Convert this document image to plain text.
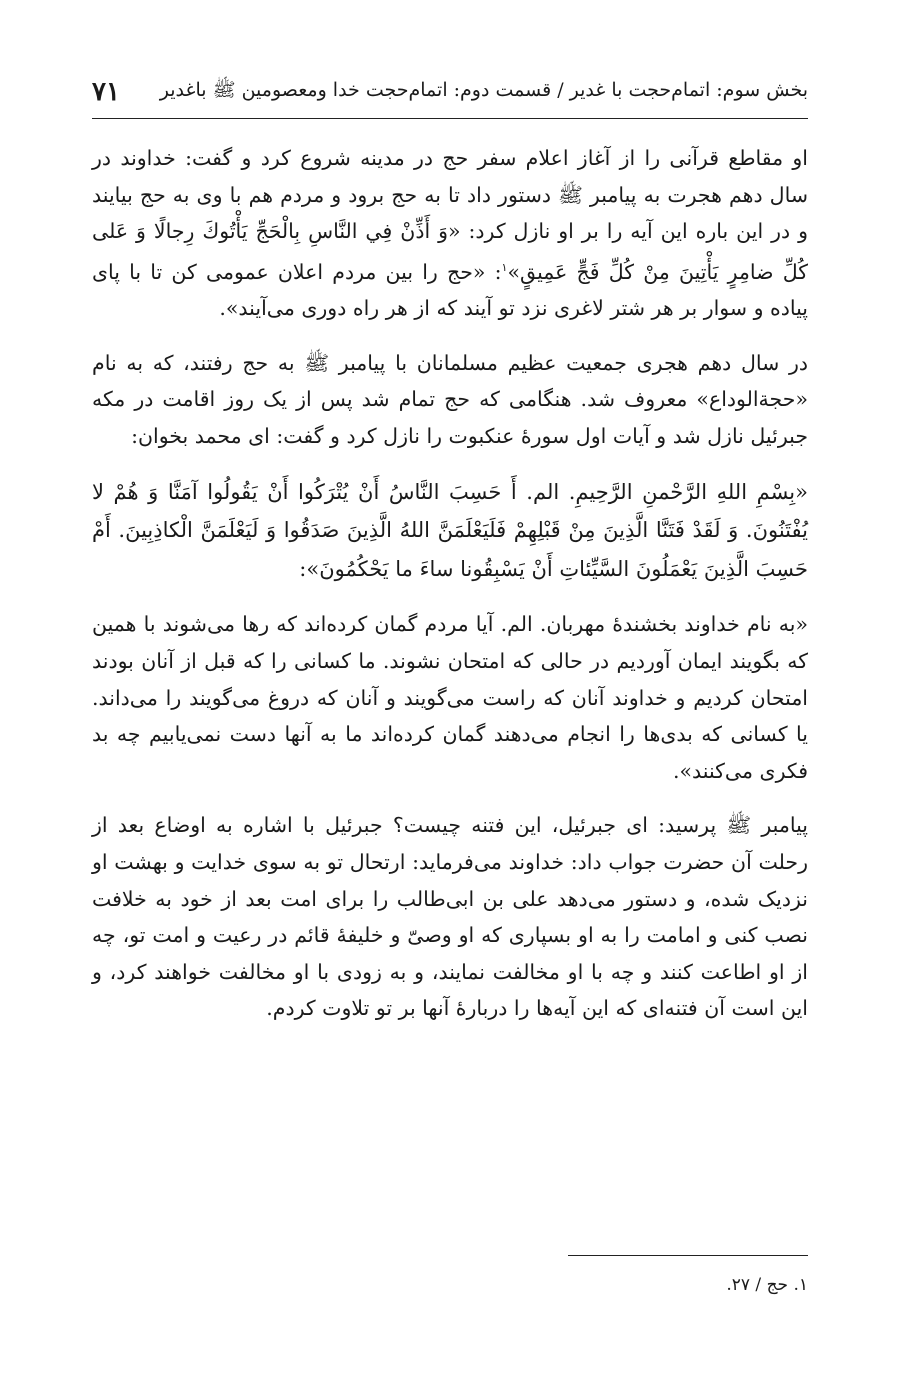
بخش سوم: اتمام‌حجت با غدیر / قسمت دوم: اتمام‌حجت خدا ومعصومین ﷺ باغدیر
۷۱

او مقاطع قرآنی را از آغاز اعلام سفر حج در مدینه شروع کرد و گفت: خداوند در سال دهم هجرت به پیامبر ﷺ دستور داد تا به حج برود و مردم هم با وی به حج بیایند و در این باره این آیه را بر او نازل کرد: «وَ أَذِّنْ فِي النَّاسِ بِالْحَجِّ يَأْتُوكَ رِجالًا وَ عَلى كُلِّ ضامِرٍ يَأْتِينَ مِنْ كُلِّ فَجٍّ عَمِيقٍ»$^۱$: «حج را بین مردم اعلان عمومی کن تا با پای پیاده و سوار بر هر شتر لاغری نزد تو آیند که از هر راه دوری می‌آیند».

در سال دهم هجری جمعیت عظیم مسلمانان با پیامبر ﷺ به حج رفتند، که به نام «حجة‌الوداع» معروف شد. هنگامی که حج تمام شد پس از یک روز اقامت در مکه جبرئیل نازل شد و آیات اول سورهٔ عنکبوت را نازل کرد و گفت: ای محمد بخوان:

«بِسْمِ اللهِ الرَّحْمنِ الرَّحِيمِ. الم. أَ حَسِبَ النَّاسُ أَنْ يُتْرَكُوا أَنْ يَقُولُوا آمَنَّا وَ هُمْ لا يُفْتَنُونَ. وَ لَقَدْ فَتَنَّا الَّذِينَ مِنْ قَبْلِهِمْ فَلَيَعْلَمَنَّ اللهُ الَّذِينَ صَدَقُوا وَ لَيَعْلَمَنَّ الْكاذِبِينَ. أَمْ حَسِبَ الَّذِينَ يَعْمَلُونَ السَّيِّئاتِ أَنْ يَسْبِقُونا ساءَ ما يَحْكُمُونَ»:

«به نام خداوند بخشندهٔ مهربان. الم. آیا مردم گمان کرده‌اند که رها می‌شوند با همین که بگویند ایمان آوردیم در حالی که امتحان نشوند. ما کسانی را که قبل از آنان بودند امتحان کردیم و خداوند آنان که راست می‌گویند و آنان که دروغ می‌گویند را می‌داند. یا کسانی که بدی‌ها را انجام می‌دهند گمان کرده‌اند ما به آنها دست نمی‌یابیم چه بد فکری می‌کنند».

پیامبر ﷺ پرسید: ای جبرئیل، این فتنه چیست؟ جبرئیل با اشاره به اوضاع بعد از رحلت آن حضرت جواب داد: خداوند می‌فرماید: ارتحال تو به سوی خدایت و بهشت او نزدیک شده، و دستور می‌دهد علی بن ابی‌طالب را برای امت بعد از خود به خلافت نصب کنی و امامت را به او بسپاری که او وصیّ و خلیفهٔ قائم در رعیت و امت تو، چه از او اطاعت کنند و چه با او مخالفت نمایند، و به زودی با او مخالفت خواهند کرد، و این است آن فتنه‌ای که این آیه‌ها را دربارهٔ آنها بر تو تلاوت کردم.

۱. حج / ۲۷.
